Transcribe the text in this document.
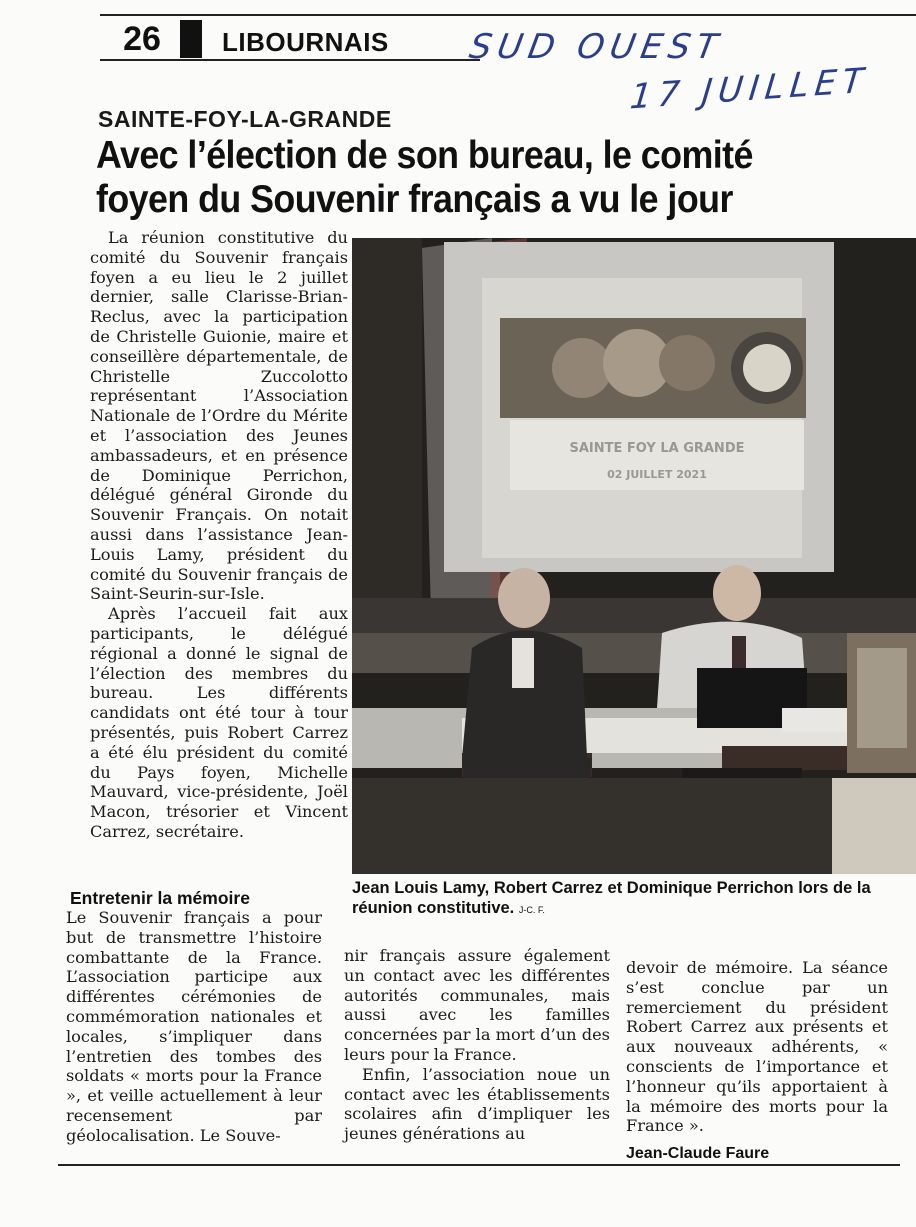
26	LIBOURNAIS SUD OUEST
17 JUILLET
SAINTE-FOY-LA-GRANDE
Avec l’élection de son bureau, le comité
foyen du Souvenir français a vu le jour

La réunion constitutive du comité du Souvenir français foyen a eu lieu le 2 juillet dernier, salle Clarisse-Brian-Reclus, avec la participation de Christelle Guionie, maire et conseillère départementale, de Christelle Zuccolotto représentant l’Association Nationale de l’Ordre du Mérite et l’association des Jeunes ambassadeurs, et en présence de Dominique Perrichon, délégué général Gironde du Souvenir Français. On notait aussi dans l’assistance Jean-Louis Lamy, président du comité du Souvenir français de Saint-Seurin-sur-Isle.

Après l’accueil fait aux participants, le délégué régional a donné le signal de l’élection des membres du bureau. Les différents candidats ont été tour à tour présentés, puis Robert Carrez a été élu président du comité du Pays foyen, Michelle Mauvard, vice-présidente, Joël Macon, trésorier et Vincent Carrez, secrétaire.

SAINTE FOY LA GRANDE
02 JUILLET 2021
Jean Louis Lamy, Robert Carrez et Dominique Perrichon lors de la réunion constitutive. J-C. F.
Entretenir la mémoire

Le Souvenir français a pour but de transmettre l’histoire combattante de la France. L’association participe aux différentes cérémonies de commémoration nationales et locales, s’impliquer dans l’entretien des tombes des soldats « morts pour la France », et veille actuellement à leur recensement par géolocalisation. Le Souve-

nir français assure également un contact avec les différentes autorités communales, mais aussi avec les familles concernées par la mort d’un des leurs pour la France.

Enfin, l’association noue un contact avec les établissements scolaires afin d’impliquer les jeunes générations au

devoir de mémoire. La séance s’est conclue par un remerciement du président Robert Carrez aux présents et aux nouveaux adhérents, « conscients de l’importance et l’honneur qu’ils apportaient à la mémoire des morts pour la France ».

Jean-Claude Faure
